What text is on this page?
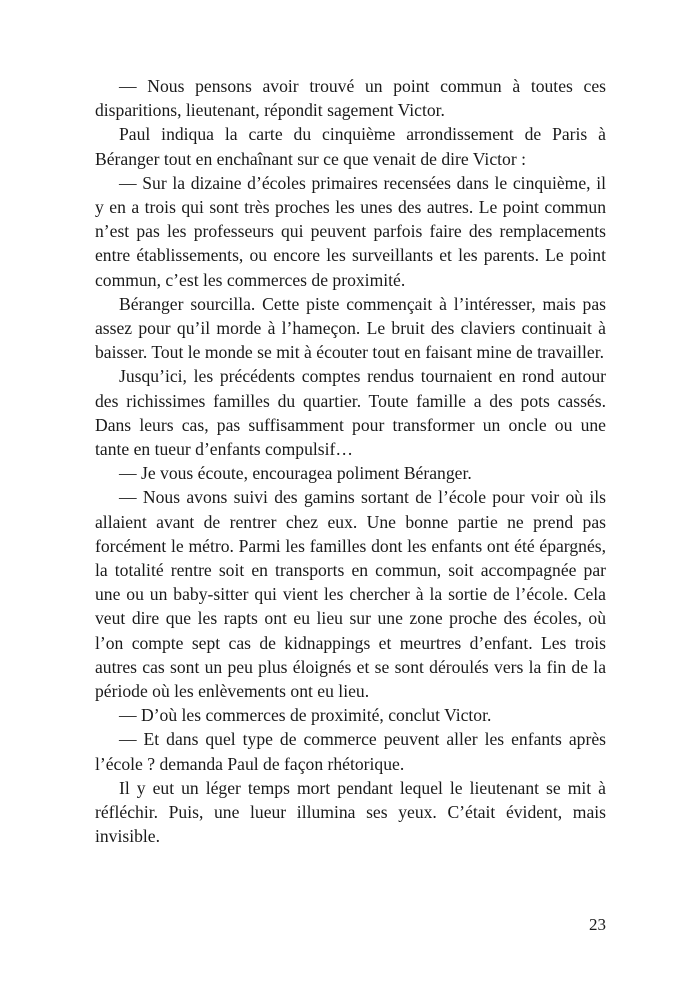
— Nous pensons avoir trouvé un point commun à toutes ces disparitions, lieutenant, répondit sagement Victor.

Paul indiqua la carte du cinquième arrondissement de Paris à Béranger tout en enchaînant sur ce que venait de dire Victor :

— Sur la dizaine d’écoles primaires recensées dans le cinquième, il y en a trois qui sont très proches les unes des autres. Le point commun n’est pas les professeurs qui peuvent parfois faire des remplacements entre établissements, ou encore les surveillants et les parents. Le point commun, c’est les commerces de proximité.

Béranger sourcilla. Cette piste commençait à l’intéresser, mais pas assez pour qu’il morde à l’hameçon. Le bruit des claviers continuait à baisser. Tout le monde se mit à écouter tout en faisant mine de travailler.

Jusqu’ici, les précédents comptes rendus tournaient en rond autour des richissimes familles du quartier. Toute famille a des pots cassés. Dans leurs cas, pas suffisamment pour transformer un oncle ou une tante en tueur d’enfants compulsif…

— Je vous écoute, encouragea poliment Béranger.

— Nous avons suivi des gamins sortant de l’école pour voir où ils allaient avant de rentrer chez eux. Une bonne partie ne prend pas forcément le métro. Parmi les familles dont les enfants ont été épargnés, la totalité rentre soit en transports en commun, soit accompagnée par une ou un baby-sitter qui vient les chercher à la sortie de l’école. Cela veut dire que les rapts ont eu lieu sur une zone proche des écoles, où l’on compte sept cas de kidnappings et meurtres d’enfant. Les trois autres cas sont un peu plus éloignés et se sont déroulés vers la fin de la période où les enlèvements ont eu lieu.

— D’où les commerces de proximité, conclut Victor.

— Et dans quel type de commerce peuvent aller les enfants après l’école ? demanda Paul de façon rhétorique.

Il y eut un léger temps mort pendant lequel le lieutenant se mit à réfléchir. Puis, une lueur illumina ses yeux. C’était évident, mais invisible.

23
